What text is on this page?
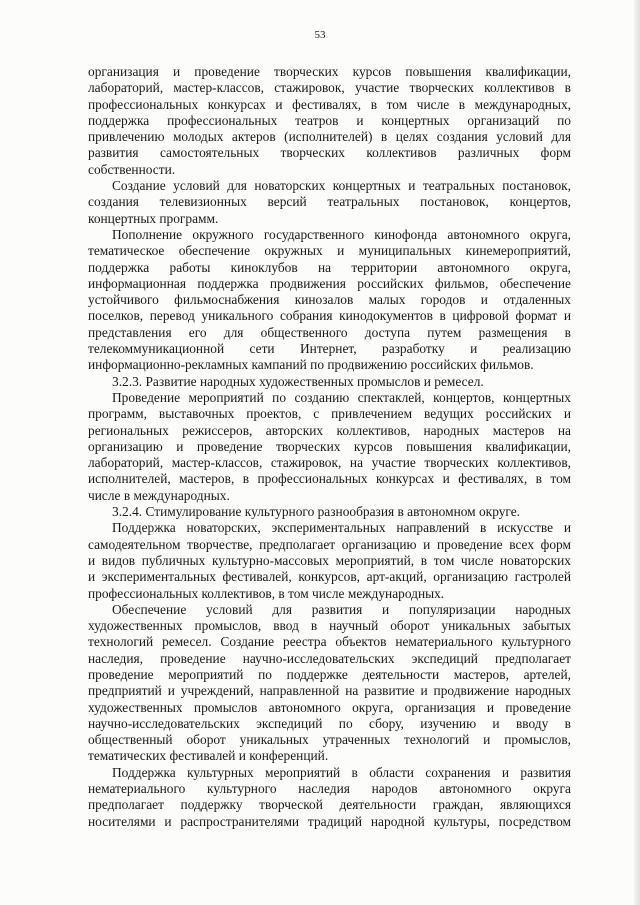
53
организация и проведение творческих курсов повышения квалификации,
лабораторий, мастер-классов, стажировок, участие творческих коллективов в
профессиональных конкурсах и фестивалях, в том числе в международных,
поддержка профессиональных театров и концертных организаций по
привлечению молодых актеров (исполнителей) в целях создания условий для
развития самостоятельных творческих коллективов различных форм
собственности.
Создание условий для новаторских концертных и театральных постановок,
создания телевизионных версий театральных постановок, концертов,
концертных программ.
Пополнение окружного государственного кинофонда автономного округа,
тематическое обеспечение окружных и муниципальных кинемероприятий,
поддержка работы киноклубов на территории автономного округа,
информационная поддержка продвижения российских фильмов, обеспечение
устойчивого фильмоснабжения кинозалов малых городов и отдаленных
поселков, перевод уникального собрания кинодокументов в цифровой формат и
представления его для общественного доступа путем размещения в
телекоммуникационной сети Интернет, разработку и реализацию
информационно-рекламных кампаний по продвижению российских фильмов.
3.2.3. Развитие народных художественных промыслов и ремесел.
Проведение мероприятий по созданию спектаклей, концертов, концертных
программ, выставочных проектов, с привлечением ведущих российских и
региональных режиссеров, авторских коллективов, народных мастеров на
организацию и проведение творческих курсов повышения квалификации,
лабораторий, мастер-классов, стажировок, на участие творческих коллективов,
исполнителей, мастеров, в профессиональных конкурсах и фестивалях, в том
числе в международных.
3.2.4. Стимулирование культурного разнообразия в автономном округе.
Поддержка новаторских, экспериментальных направлений в искусстве и
самодеятельном творчестве, предполагает организацию и проведение всех форм
и видов публичных культурно-массовых мероприятий, в том числе новаторских
и экспериментальных фестивалей, конкурсов, арт-акций, организацию гастролей
профессиональных коллективов, в том числе международных.
Обеспечение условий для развития и популяризации народных
художественных промыслов, ввод в научный оборот уникальных забытых
технологий ремесел. Создание реестра объектов нематериального культурного
наследия, проведение научно-исследовательских экспедиций предполагает
проведение мероприятий по поддержке деятельности мастеров, артелей,
предприятий и учреждений, направленной на развитие и продвижение народных
художественных промыслов автономного округа, организация и проведение
научно-исследовательских экспедиций по сбору, изучению и вводу в
общественный оборот уникальных утраченных технологий и промыслов,
тематических фестивалей и конференций.
Поддержка культурных мероприятий в области сохранения и развития
нематериального культурного наследия народов автономного округа
предполагает поддержку творческой деятельности граждан, являющихся
носителями и распространителями традиций народной культуры, посредством
